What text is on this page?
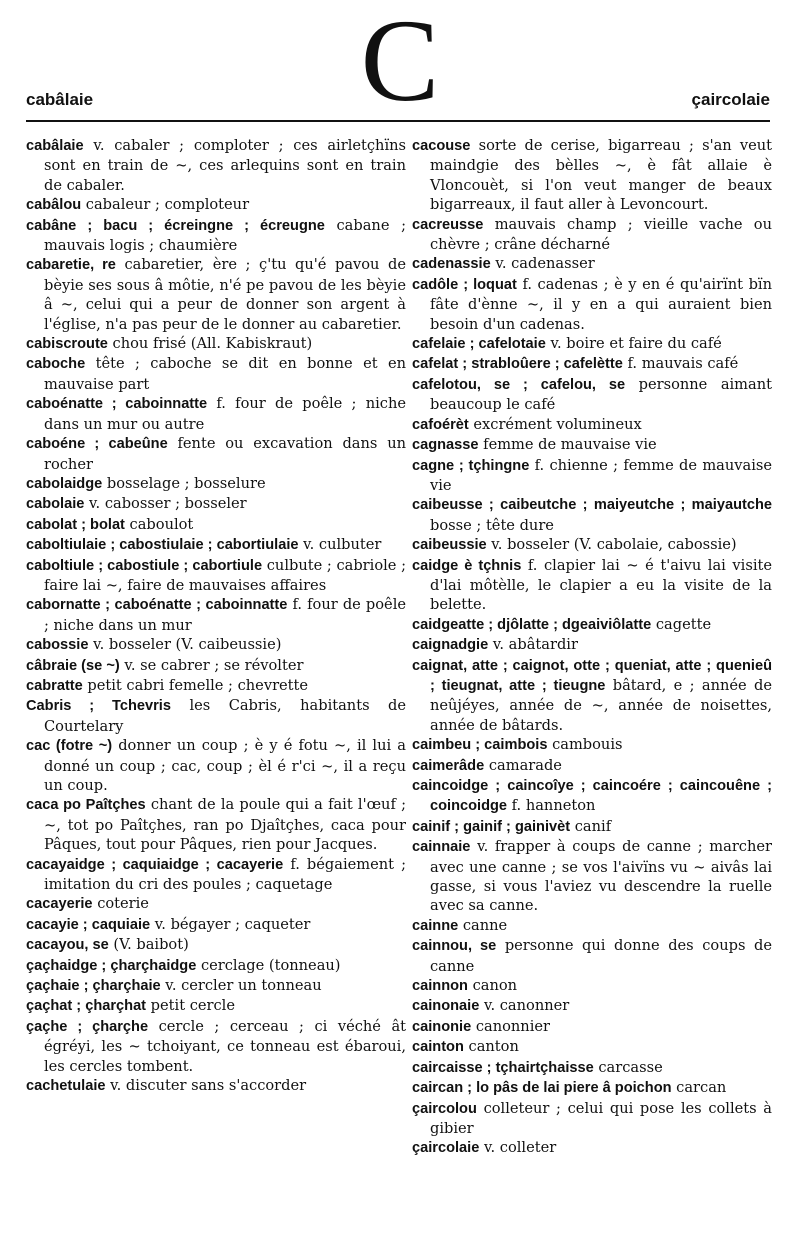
C
cabâlaie	çaircolaie

cabâlaie v. cabaler ; comploter ; ces airletçhïns sont en train de ~, ces arlequins sont en train de cabaler.

cabâlou cabaleur ; comploteur

cabâne ; bacu ; écreingne ; écreugne cabane ; mauvais logis ; chaumière

cabaretie, re cabaretier, ère ; ç'tu qu'é pavou de bèyie ses sous â môtie, n'é pe pavou de les bèyie â ~, celui qui a peur de donner son argent à l'église, n'a pas peur de le donner au cabaretier.

cabiscroute chou frisé (All. Kabiskraut)

caboche tête ; caboche se dit en bonne et en mauvaise part

caboénatte ; caboinnatte f. four de poêle ; niche dans un mur ou autre

caboéne ; cabeûne fente ou excavation dans un rocher

cabolaidge bosselage ; bosselure

cabolaie v. cabosser ; bosseler

cabolat ; bolat caboulot

caboltiulaie ; cabostiulaie ; cabortiulaie v. culbuter

caboltiule ; cabostiule ; cabortiule culbute ; cabriole ; faire lai ~, faire de mauvaises affaires

cabornatte ; caboénatte ; caboinnatte f. four de poêle ; niche dans un mur

cabossie v. bosseler (V. caibeussie)

câbraie (se ~) v. se cabrer ; se révolter

cabratte petit cabri femelle ; chevrette

Cabris ; Tchevris les Cabris, habitants de Courtelary

cac (fotre ~) donner un coup ; è y é fotu ~, il lui a donné un coup ; cac, coup ; èl é r'ci ~, il a reçu un coup.

caca po Paîtçhes chant de la poule qui a fait l'œuf ; ~, tot po Paîtçhes, ran po Djaîtçhes, caca pour Pâques, tout pour Pâques, rien pour Jacques.

cacayaidge ; caquiaidge ; cacayerie f. bégaiement ; imitation du cri des poules ; caquetage

cacayerie coterie

cacayie ; caquiaie v. bégayer ; caqueter

cacayou, se (V. baibot)

çaçhaidge ; çharçhaidge cerclage (tonneau)

çaçhaie ; çharçhaie v. cercler un tonneau

çaçhat ; çharçhat petit cercle

çaçhe ; çharçhe cercle ; cerceau ; ci véché ât égréyi, les ~ tchoiyant, ce tonneau est ébaroui, les cercles tombent.

cachetulaie v. discuter sans s'accorder

cacouse sorte de cerise, bigarreau ; s'an veut maindgie des bèlles ~, è fât allaie è Vloncouèt, si l'on veut manger de beaux bigarreaux, il faut aller à Levoncourt.

cacreusse mauvais champ ; vieille vache ou chèvre ; crâne décharné

cadenassie v. cadenasser

cadôle ; loquat f. cadenas ; è y en é qu'airïnt bïn fâte d'ènne ~, il y en a qui auraient bien besoin d'un cadenas.

cafelaie ; cafelotaie v. boire et faire du café

cafelat ; strabloûere ; cafelètte f. mauvais café

cafelotou, se ; cafelou, se personne aimant beaucoup le café

cafoérèt excrément volumineux

cagnasse femme de mauvaise vie

cagne ; tçhingne f. chienne ; femme de mauvaise vie

caibeusse ; caibeutche ; maiyeutche ; maiyautche bosse ; tête dure

caibeussie v. bosseler (V. cabolaie, cabossie)

caidge è tçhnis f. clapier lai ~ é t'aivu lai visite d'lai môtèlle, le clapier a eu la visite de la belette.

caidgeatte ; djôlatte ; dgeaiviôlatte cagette

caignadgie v. abâtardir

caignat, atte ; caignot, otte ; queniat, atte ; quenieû ; tieugnat, atte ; tieugne bâtard, e ; année de neûjéyes, année de ~, année de noisettes, année de bâtards.

caimbeu ; caimbois cambouis

caimerâde camarade

caincoidge ; caincoîye ; caincoére ; caincouêne ; coincoidge f. hanneton

cainif ; gainif ; gainivèt canif

cainnaie v. frapper à coups de canne ; marcher avec une canne ; se vos l'aivïns vu ~ aivâs lai gasse, si vous l'aviez vu descendre la ruelle avec sa canne.

cainne canne

cainnou, se personne qui donne des coups de canne

cainnon canon

cainonaie v. canonner

cainonie canonnier

cainton canton

caircaisse ; tçhairtçhaisse carcasse

caircan ; lo pâs de lai piere â poichon carcan

çaircolou colleteur ; celui qui pose les collets à gibier

çaircolaie v. colleter
